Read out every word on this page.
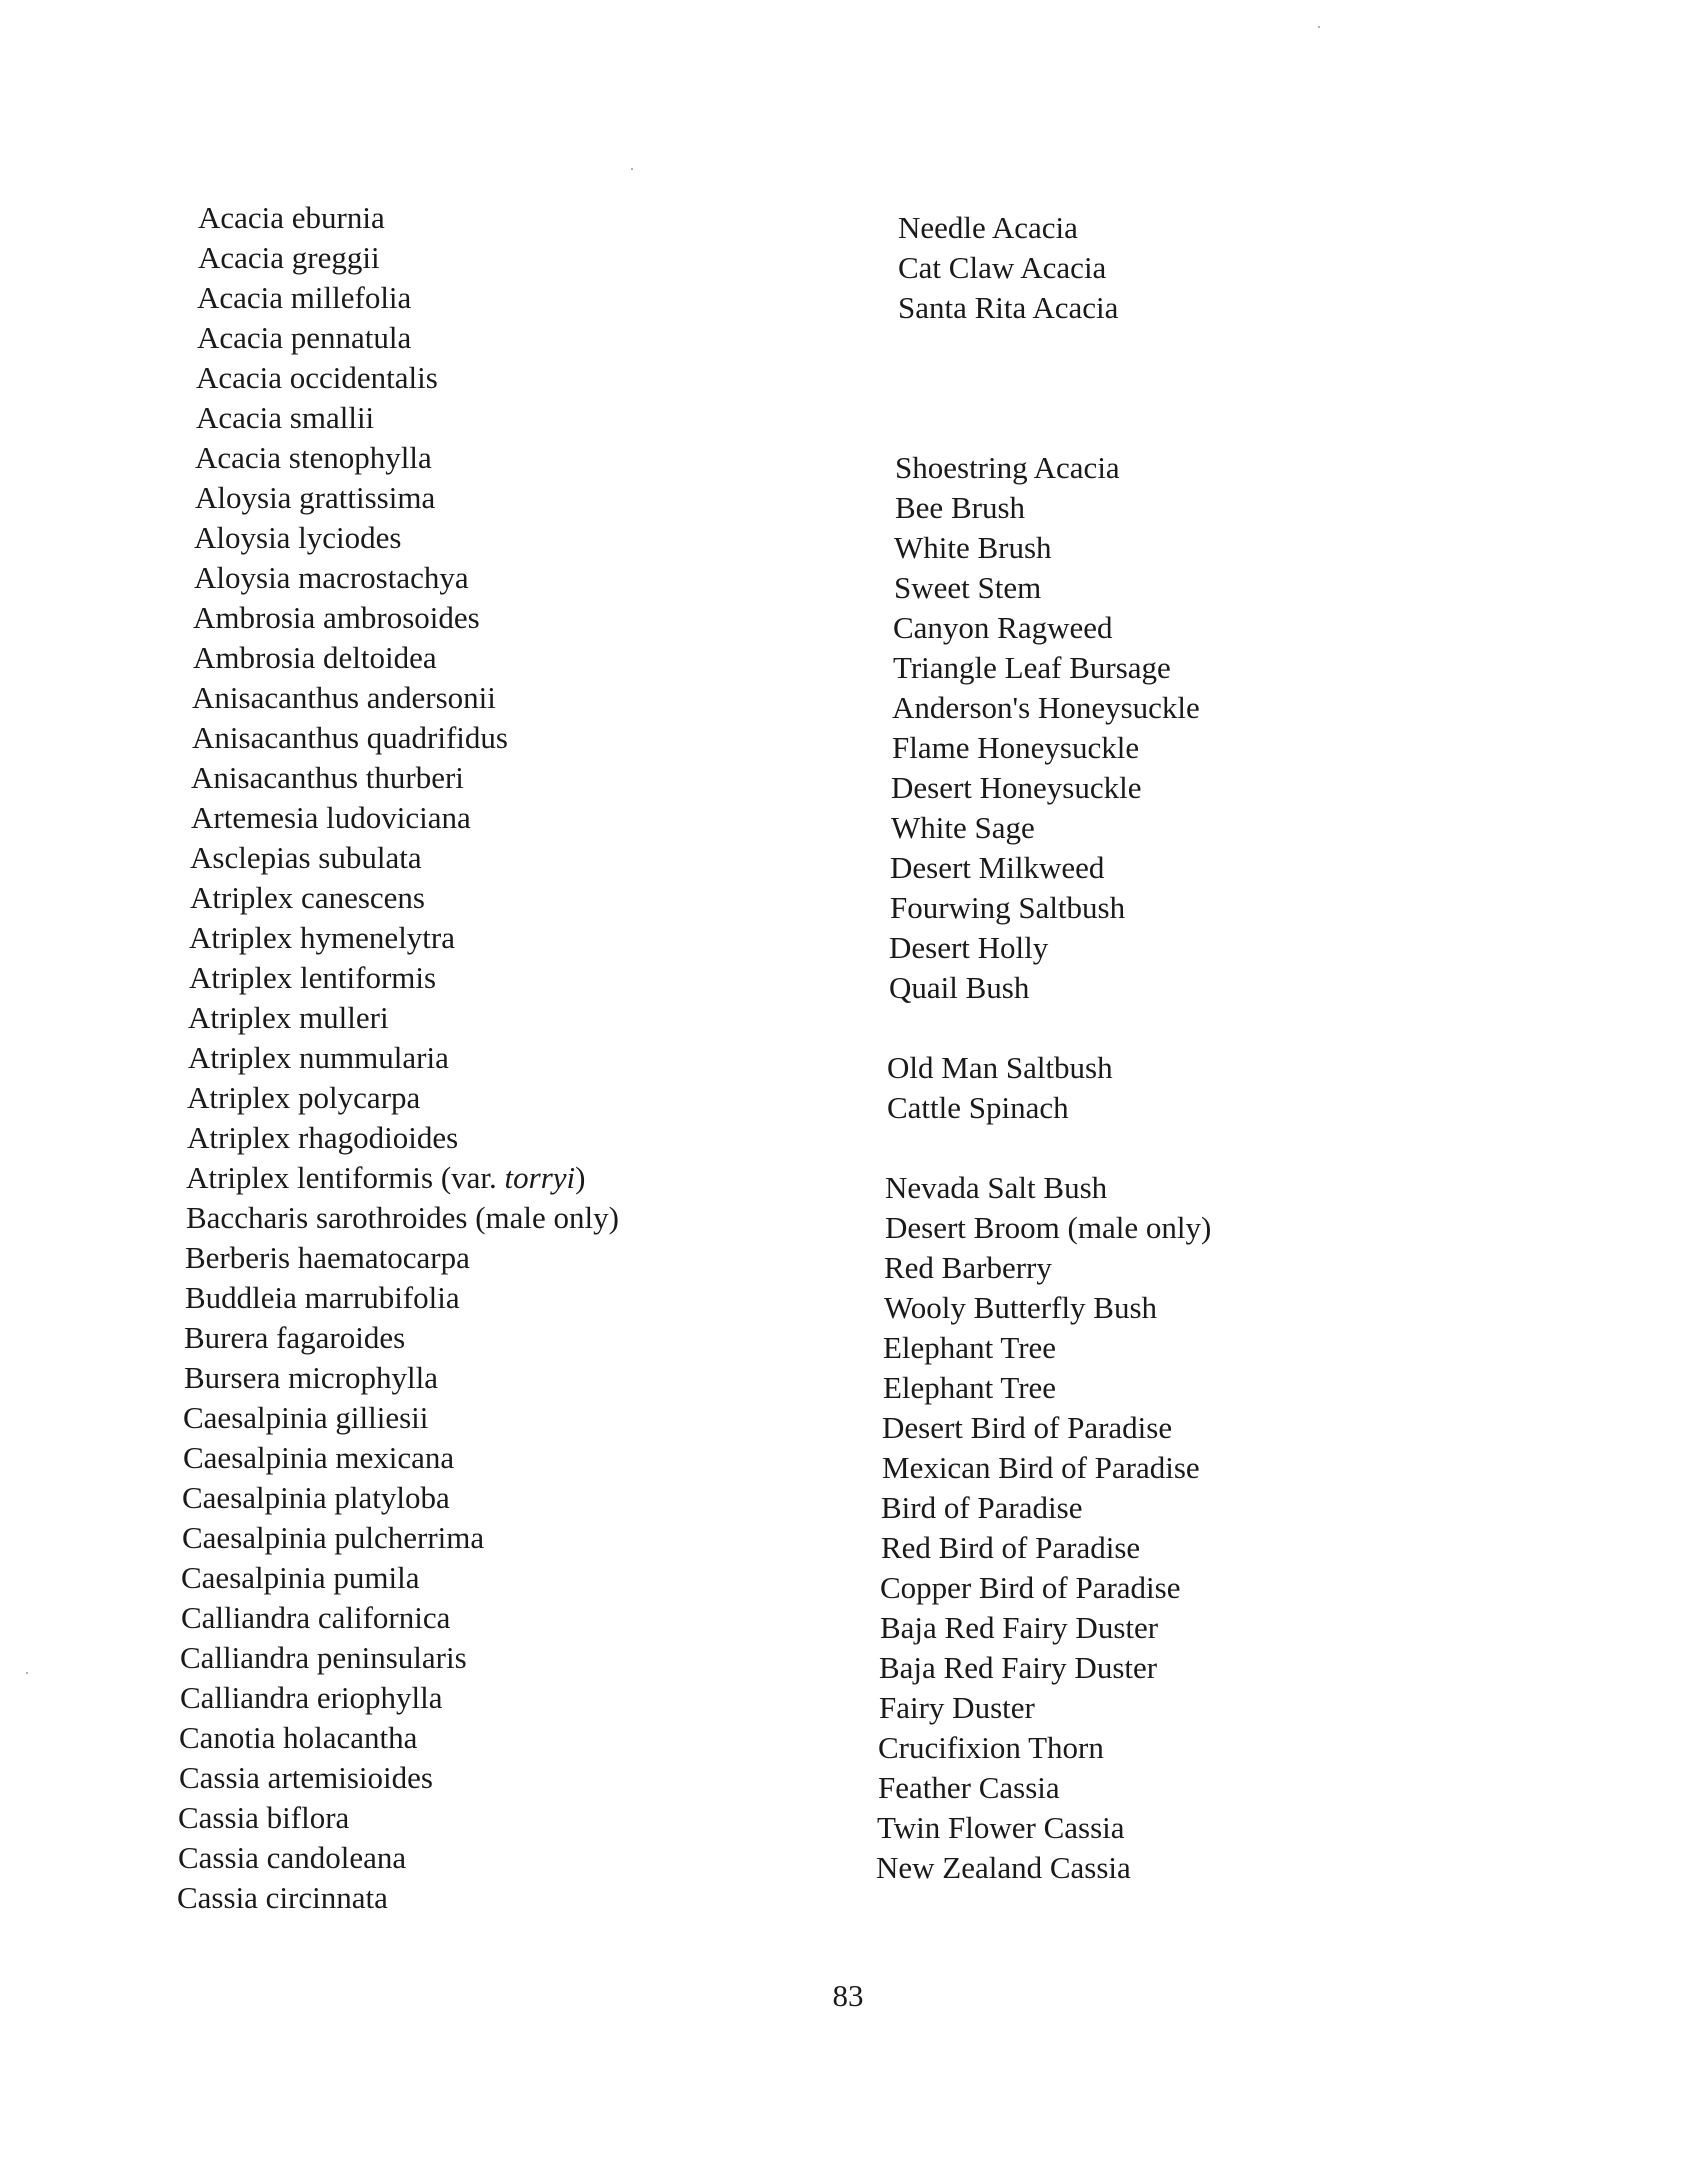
Acacia eburnia
Acacia greggii
Acacia millefolia
Acacia pennatula
Acacia occidentalis
Acacia smallii
Acacia stenophylla
Aloysia grattissima
Aloysia lyciodes
Aloysia macrostachya
Ambrosia ambrosoides
Ambrosia deltoidea
Anisacanthus andersonii
Anisacanthus quadrifidus
Anisacanthus thurberi
Artemesia ludoviciana
Asclepias subulata
Atriplex canescens
Atriplex hymenelytra
Atriplex lentiformis
Atriplex mulleri
Atriplex nummularia
Atriplex polycarpa
Atriplex rhagodioides
Atriplex lentiformis (var. torryi)
Baccharis sarothroides (male only)
Berberis haematocarpa
Buddleia marrubifolia
Burera fagaroides
Bursera microphylla
Caesalpinia gilliesii
Caesalpinia mexicana
Caesalpinia platyloba
Caesalpinia pulcherrima
Caesalpinia pumila
Calliandra californica
Calliandra peninsularis
Calliandra eriophylla
Canotia holacantha
Cassia artemisioides
Cassia biflora
Cassia candoleana
Cassia circinnata
Needle Acacia
Cat Claw Acacia
Santa Rita Acacia
Shoestring Acacia
Bee Brush
White Brush
Sweet Stem
Canyon Ragweed
Triangle Leaf Bursage
Anderson's Honeysuckle
Flame Honeysuckle
Desert Honeysuckle
White Sage
Desert Milkweed
Fourwing Saltbush
Desert Holly
Quail Bush
Old Man Saltbush
Cattle Spinach
Nevada Salt Bush
Desert Broom (male only)
Red Barberry
Wooly Butterfly Bush
Elephant Tree
Elephant Tree
Desert Bird of Paradise
Mexican Bird of Paradise
Bird of Paradise
Red Bird of Paradise
Copper Bird of Paradise
Baja Red Fairy Duster
Baja Red Fairy Duster
Fairy Duster
Crucifixion Thorn
Feather Cassia
Twin Flower Cassia
New Zealand Cassia
83
